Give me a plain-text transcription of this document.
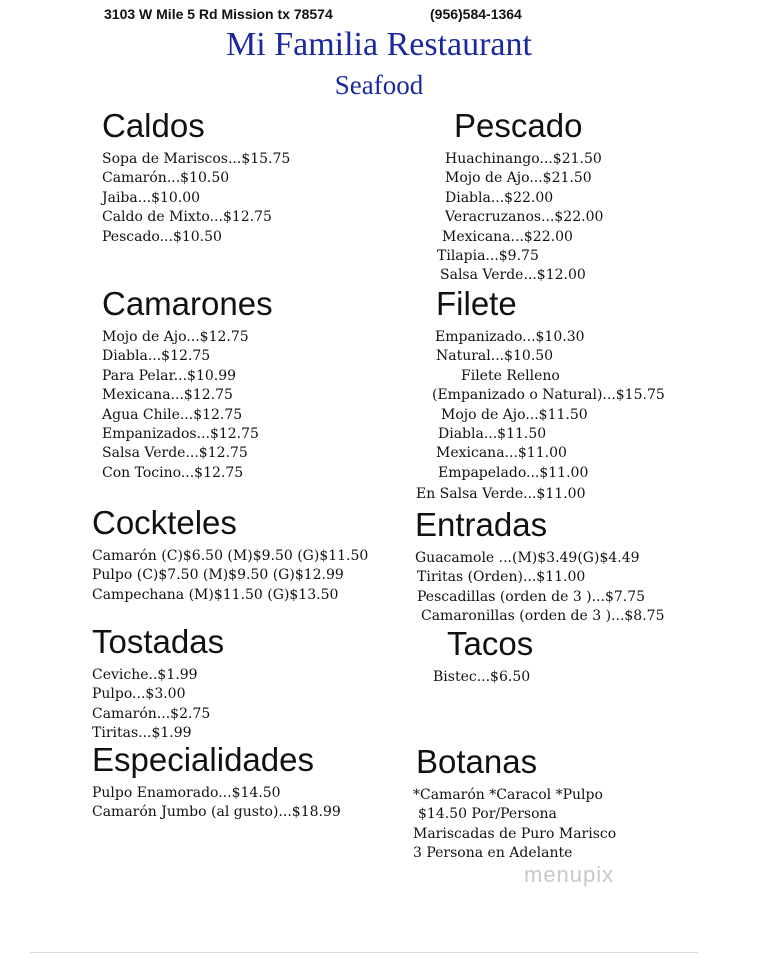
3103 W Mile 5 Rd Mission tx 78574	(956)584-1364
Mi Familia Restaurant
Seafood
Caldos
Sopa de Mariscos...$15.75
Camarón...$10.50
Jaiba...$10.00
Caldo de Mixto...$12.75
Pescado...$10.50
Pescado
Huachinango...$21.50
Mojo de Ajo...$21.50
Diabla...$22.00
Veracruzanos...$22.00
Mexicana...$22.00
Tilapia...$9.75
Salsa Verde...$12.00
Camarones
Mojo de Ajo...$12.75
Diabla...$12.75
Para Pelar...$10.99
Mexicana...$12.75
Agua Chile...$12.75
Empanizados...$12.75
Salsa Verde...$12.75
Con Tocino...$12.75
Filete
Empanizado...$10.30
Natural...$10.50
Filete Relleno
(Empanizado o Natural)...$15.75
Mojo de Ajo...$11.50
Diabla...$11.50
Mexicana...$11.00
Empapelado...$11.00
En Salsa Verde...$11.00
Cockteles
Camarón (C)$6.50 (M)$9.50 (G)$11.50
Pulpo (C)$7.50 (M)$9.50 (G)$12.99
Campechana (M)$11.50 (G)$13.50
Entradas
Guacamole ...(M)$3.49(G)$4.49
Tiritas (Orden)...$11.00
Pescadillas (orden de 3 )...$7.75
Camaronillas (orden de 3 )...$8.75
Tostadas
Ceviche..$1.99
Pulpo...$3.00
Camarón...$2.75
Tiritas...$1.99
Tacos
Bistec...$6.50
Especialidades
Pulpo Enamorado...$14.50
Camarón Jumbo (al gusto)...$18.99
Botanas
*Camarón *Caracol *Pulpo
$14.50 Por/Persona
Mariscadas de Puro Marisco
3 Persona en Adelante
menupix
